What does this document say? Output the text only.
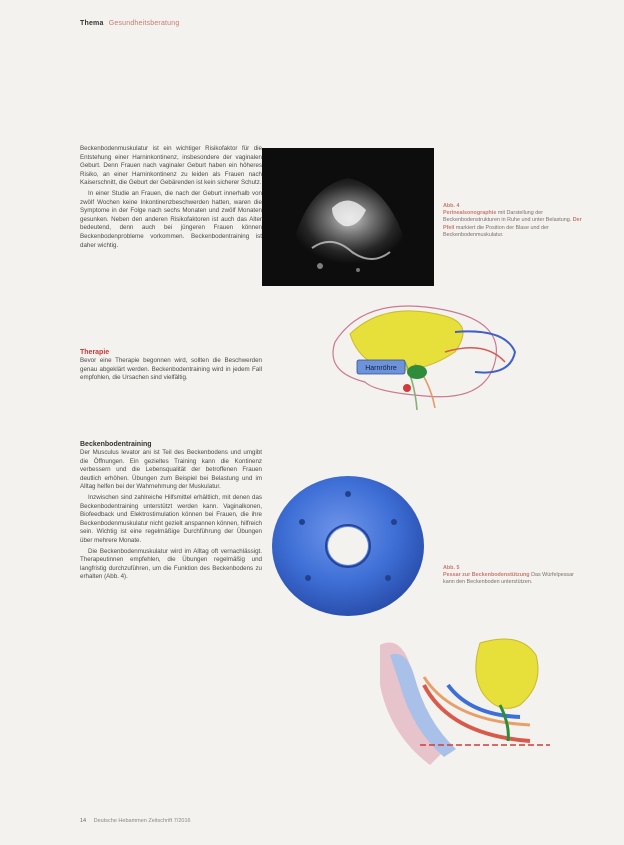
Thema Gesundheitsberatung

Beckenbodenmuskulatur ist ein wichtiger Risikofaktor für die Entstehung einer Harninkontinenz, insbesondere der vaginalen Geburt. Denn Frauen nach vaginaler Geburt haben ein höheres Risiko, an einer Harninkontinenz zu leiden als Frauen nach Kaiserschnitt, die Geburt der Gebärenden ist kein sicherer Schutz.

In einer Studie an Frauen, die nach der Geburt innerhalb von zwölf Wochen keine Inkontinenzbeschwerden hatten, waren die Symptome in der Folge nach sechs Monaten und zwölf Monaten gesunken. Neben den anderen Risikofaktoren ist auch das Alter bedeutend, denn auch bei jüngeren Frauen können Beckenbodenprobleme vorkommen. Beckenbodentraining ist daher wichtig.

Therapie

Bevor eine Therapie begonnen wird, sollten die Beschwerden genau abgeklärt werden. Beckenbodentraining wird in jedem Fall empfohlen, die Ursachen sind vielfältig.

Beckenbodentraining

Der Musculus levator ani ist Teil des Beckenbodens und umgibt die Öffnungen. Ein gezieltes Training kann die Kontinenz verbessern und die Lebensqualität der betroffenen Frauen deutlich erhöhen. Übungen zum Beispiel bei Belastung und im Alltag helfen bei der Wahrnehmung der Muskulatur.

Inzwischen sind zahlreiche Hilfsmittel erhältlich, mit denen das Beckenbodentraining unterstützt werden kann. Vaginalkonen, Biofeedback und Elektrostimulation können bei Frauen, die ihre Beckenbodenmuskulatur nicht gezielt anspannen können, hilfreich sein. Wichtig ist eine regelmäßige Durchführung der Übungen über mehrere Monate.

Die Beckenbodenmuskulatur wird im Alltag oft vernachlässigt. Therapeutinnen empfehlen, die Übungen regelmäßig und langfristig durchzuführen, um die Funktion des Beckenbodens zu erhalten (Abb. 4).

Abb. 4
Perinealsonographie mit Darstellung der Beckenbodenstrukturen in Ruhe und unter Belastung. Der Pfeil markiert die Position der Blase und der Beckenbodenmuskulatur.
Harnröhre
Abb. 5
Pessar zur Beckenbodenstützung Das Würfelpessar kann den Beckenboden unterstützen.
14 Deutsche Hebammen Zeitschrift 7/2016
